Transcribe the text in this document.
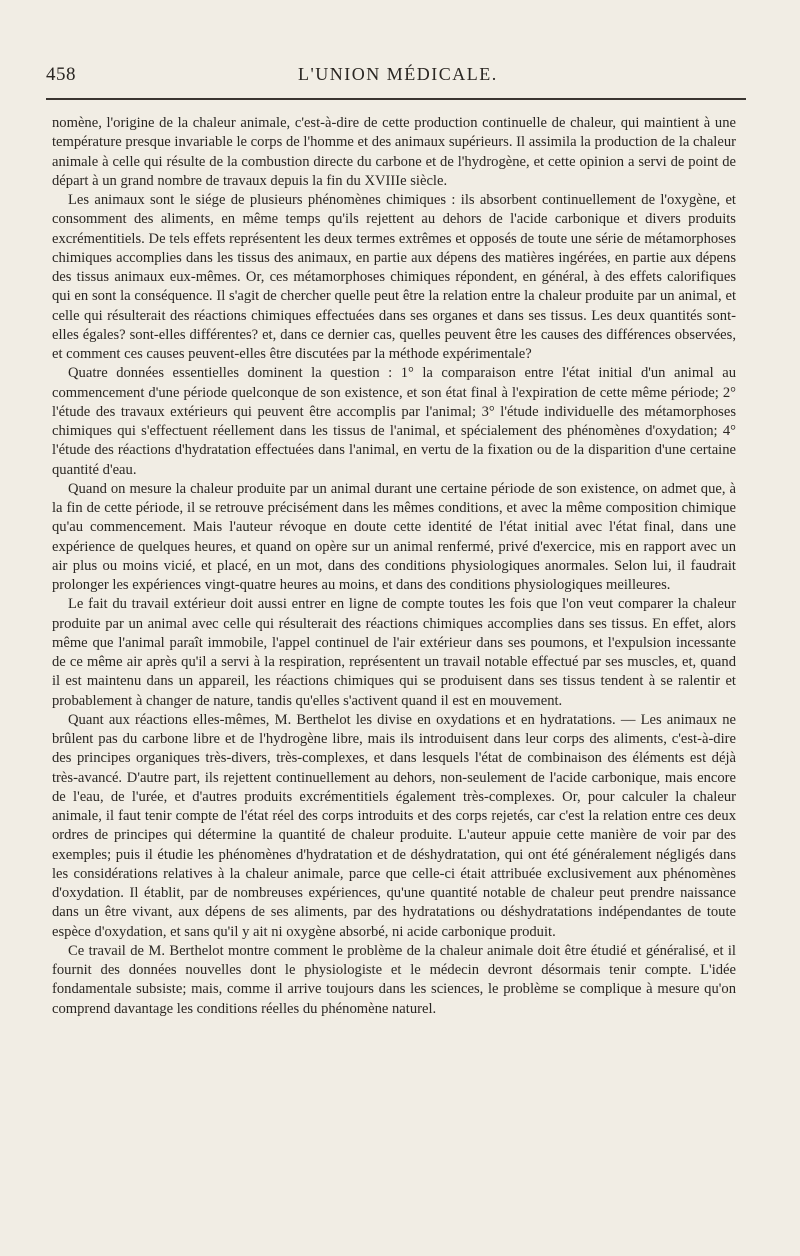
458	L'UNION MÉDICALE.

nomène, l'origine de la chaleur animale, c'est-à-dire de cette production continuelle de chaleur, qui maintient à une température presque invariable le corps de l'homme et des animaux supérieurs. Il assimila la production de la chaleur animale à celle qui résulte de la combustion directe du carbone et de l'hydrogène, et cette opinion a servi de point de départ à un grand nombre de travaux depuis la fin du XVIIIe siècle.

Les animaux sont le siége de plusieurs phénomènes chimiques : ils absorbent continuellement de l'oxygène, et consomment des aliments, en même temps qu'ils rejettent au dehors de l'acide carbonique et divers produits excrémentitiels. De tels effets représentent les deux termes extrêmes et opposés de toute une série de métamorphoses chimiques accomplies dans les tissus des animaux, en partie aux dépens des matières ingérées, en partie aux dépens des tissus animaux eux-mêmes. Or, ces métamorphoses chimiques répondent, en général, à des effets calorifiques qui en sont la conséquence. Il s'agit de chercher quelle peut être la relation entre la chaleur produite par un animal, et celle qui résulterait des réactions chimiques effectuées dans ses organes et dans ses tissus. Les deux quantités sont-elles égales? sont-elles différentes? et, dans ce dernier cas, quelles peuvent être les causes des différences observées, et comment ces causes peuvent-elles être discutées par la méthode expérimentale?

Quatre données essentielles dominent la question : 1° la comparaison entre l'état initial d'un animal au commencement d'une période quelconque de son existence, et son état final à l'expiration de cette même période; 2° l'étude des travaux extérieurs qui peuvent être accomplis par l'animal; 3° l'étude individuelle des métamorphoses chimiques qui s'effectuent réellement dans les tissus de l'animal, et spécialement des phénomènes d'oxydation; 4° l'étude des réactions d'hydratation effectuées dans l'animal, en vertu de la fixation ou de la disparition d'une certaine quantité d'eau.

Quand on mesure la chaleur produite par un animal durant une certaine période de son existence, on admet que, à la fin de cette période, il se retrouve précisément dans les mêmes conditions, et avec la même composition chimique qu'au commencement. Mais l'auteur révoque en doute cette identité de l'état initial avec l'état final, dans une expérience de quelques heures, et quand on opère sur un animal renfermé, privé d'exercice, mis en rapport avec un air plus ou moins vicié, et placé, en un mot, dans des conditions physiologiques anormales. Selon lui, il faudrait prolonger les expériences vingt-quatre heures au moins, et dans des conditions physiologiques meilleures.

Le fait du travail extérieur doit aussi entrer en ligne de compte toutes les fois que l'on veut comparer la chaleur produite par un animal avec celle qui résulterait des réactions chimiques accomplies dans ses tissus. En effet, alors même que l'animal paraît immobile, l'appel continuel de l'air extérieur dans ses poumons, et l'expulsion incessante de ce même air après qu'il a servi à la respiration, représentent un travail notable effectué par ses muscles, et, quand il est maintenu dans un appareil, les réactions chimiques qui se produisent dans ses tissus tendent à se ralentir et probablement à changer de nature, tandis qu'elles s'activent quand il est en mouvement.

Quant aux réactions elles-mêmes, M. Berthelot les divise en oxydations et en hydratations. — Les animaux ne brûlent pas du carbone libre et de l'hydrogène libre, mais ils introduisent dans leur corps des aliments, c'est-à-dire des principes organiques très-divers, très-complexes, et dans lesquels l'état de combinaison des éléments est déjà très-avancé. D'autre part, ils rejettent continuellement au dehors, non-seulement de l'acide carbonique, mais encore de l'eau, de l'urée, et d'autres produits excrémentitiels également très-complexes. Or, pour calculer la chaleur animale, il faut tenir compte de l'état réel des corps introduits et des corps rejetés, car c'est la relation entre ces deux ordres de principes qui détermine la quantité de chaleur produite. L'auteur appuie cette manière de voir par des exemples; puis il étudie les phénomènes d'hydratation et de déshydratation, qui ont été généralement négligés dans les considérations relatives à la chaleur animale, parce que celle-ci était attribuée exclusivement aux phénomènes d'oxydation. Il établit, par de nombreuses expériences, qu'une quantité notable de chaleur peut prendre naissance dans un être vivant, aux dépens de ses aliments, par des hydratations ou déshydratations indépendantes de toute espèce d'oxydation, et sans qu'il y ait ni oxygène absorbé, ni acide carbonique produit.

Ce travail de M. Berthelot montre comment le problème de la chaleur animale doit être étudié et généralisé, et il fournit des données nouvelles dont le physiologiste et le médecin devront désormais tenir compte. L'idée fondamentale subsiste; mais, comme il arrive toujours dans les sciences, le problème se complique à mesure qu'on comprend davantage les conditions réelles du phénomène naturel.
